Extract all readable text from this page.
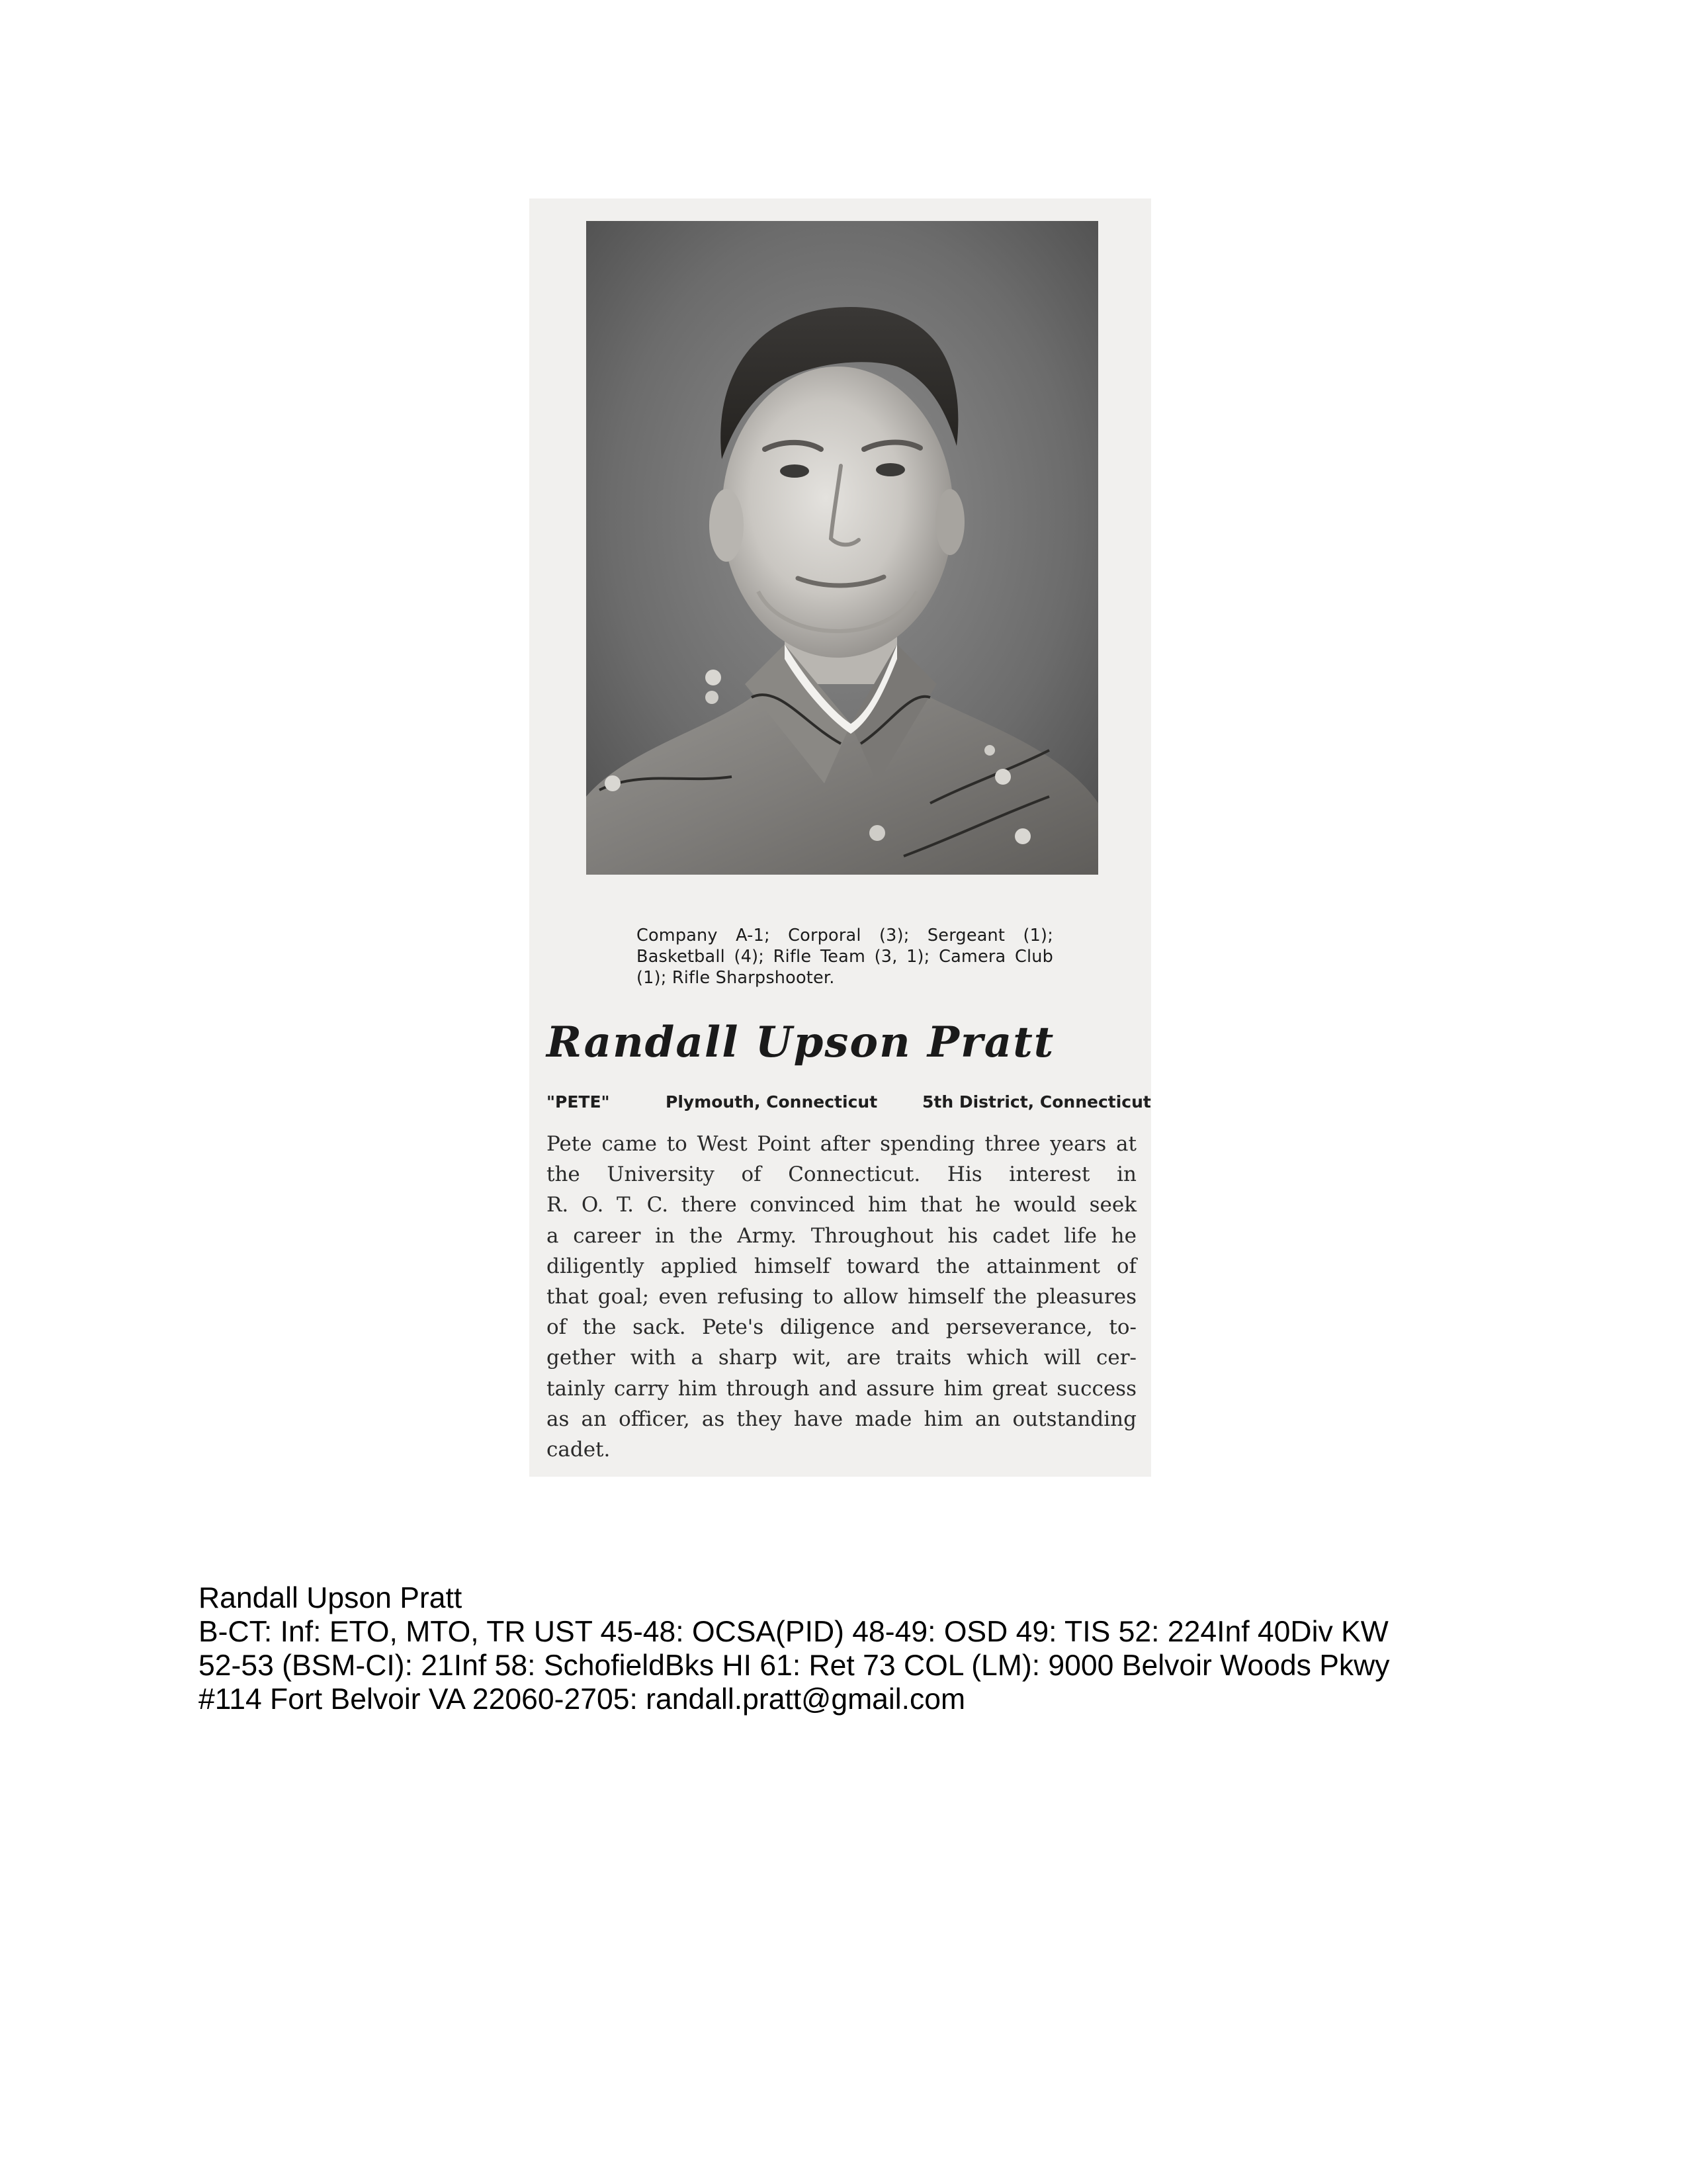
Company A-1; Corporal (3); Sergeant (1); Basketball (4); Rifle Team (3, 1); Camera Club (1); Rifle Sharpshooter.
Randall Upson Pratt
"PETE"	Plymouth, Connecticut	5th District, Connecticut
Pete came to West Point after spending three years at
the University of Connecticut. His interest in
R. O. T. C. there convinced him that he would seek
a career in the Army. Throughout his cadet life he
diligently applied himself toward the attainment of
that goal; even refusing to allow himself the pleasures
of the sack. Pete's diligence and perseverance, to-
gether with a sharp wit, are traits which will cer-
tainly carry him through and assure him great success
as an officer, as they have made him an outstanding
cadet.
Randall Upson Pratt
B-CT: Inf: ETO, MTO, TR UST 45-48: OCSA(PID) 48-49: OSD 49: TIS 52: 224Inf 40Div KW
52-53 (BSM-CI): 21Inf 58: SchofieldBks HI 61: Ret 73 COL (LM): 9000 Belvoir Woods Pkwy
#114 Fort Belvoir VA 22060-2705: randall.pratt@gmail.com
